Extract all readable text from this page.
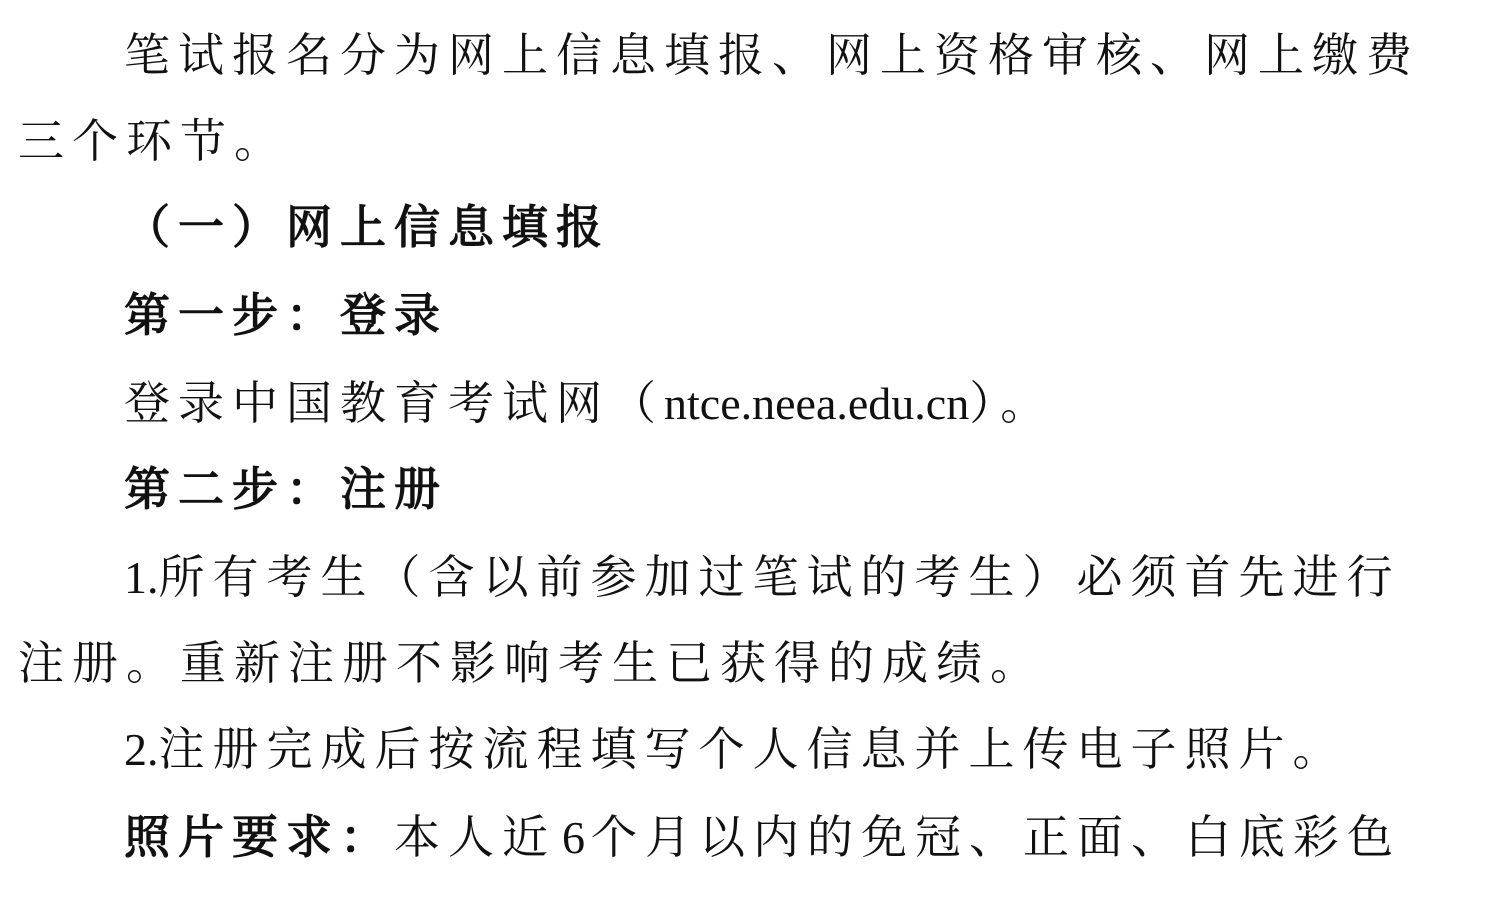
笔试报名分为网上信息填报、网上资格审核、网上缴费
三个环节。
（一）网上信息填报
第一步：登录
登录中国教育考试网（ntce.neea.edu.cn）。
第二步：注册
1.所有考生（含以前参加过笔试的考生）必须首先进行
注册。重新注册不影响考生已获得的成绩。
2.注册完成后按流程填写个人信息并上传电子照片。
照片要求：本人近 6 个月以内的免冠、正面、白底彩色
